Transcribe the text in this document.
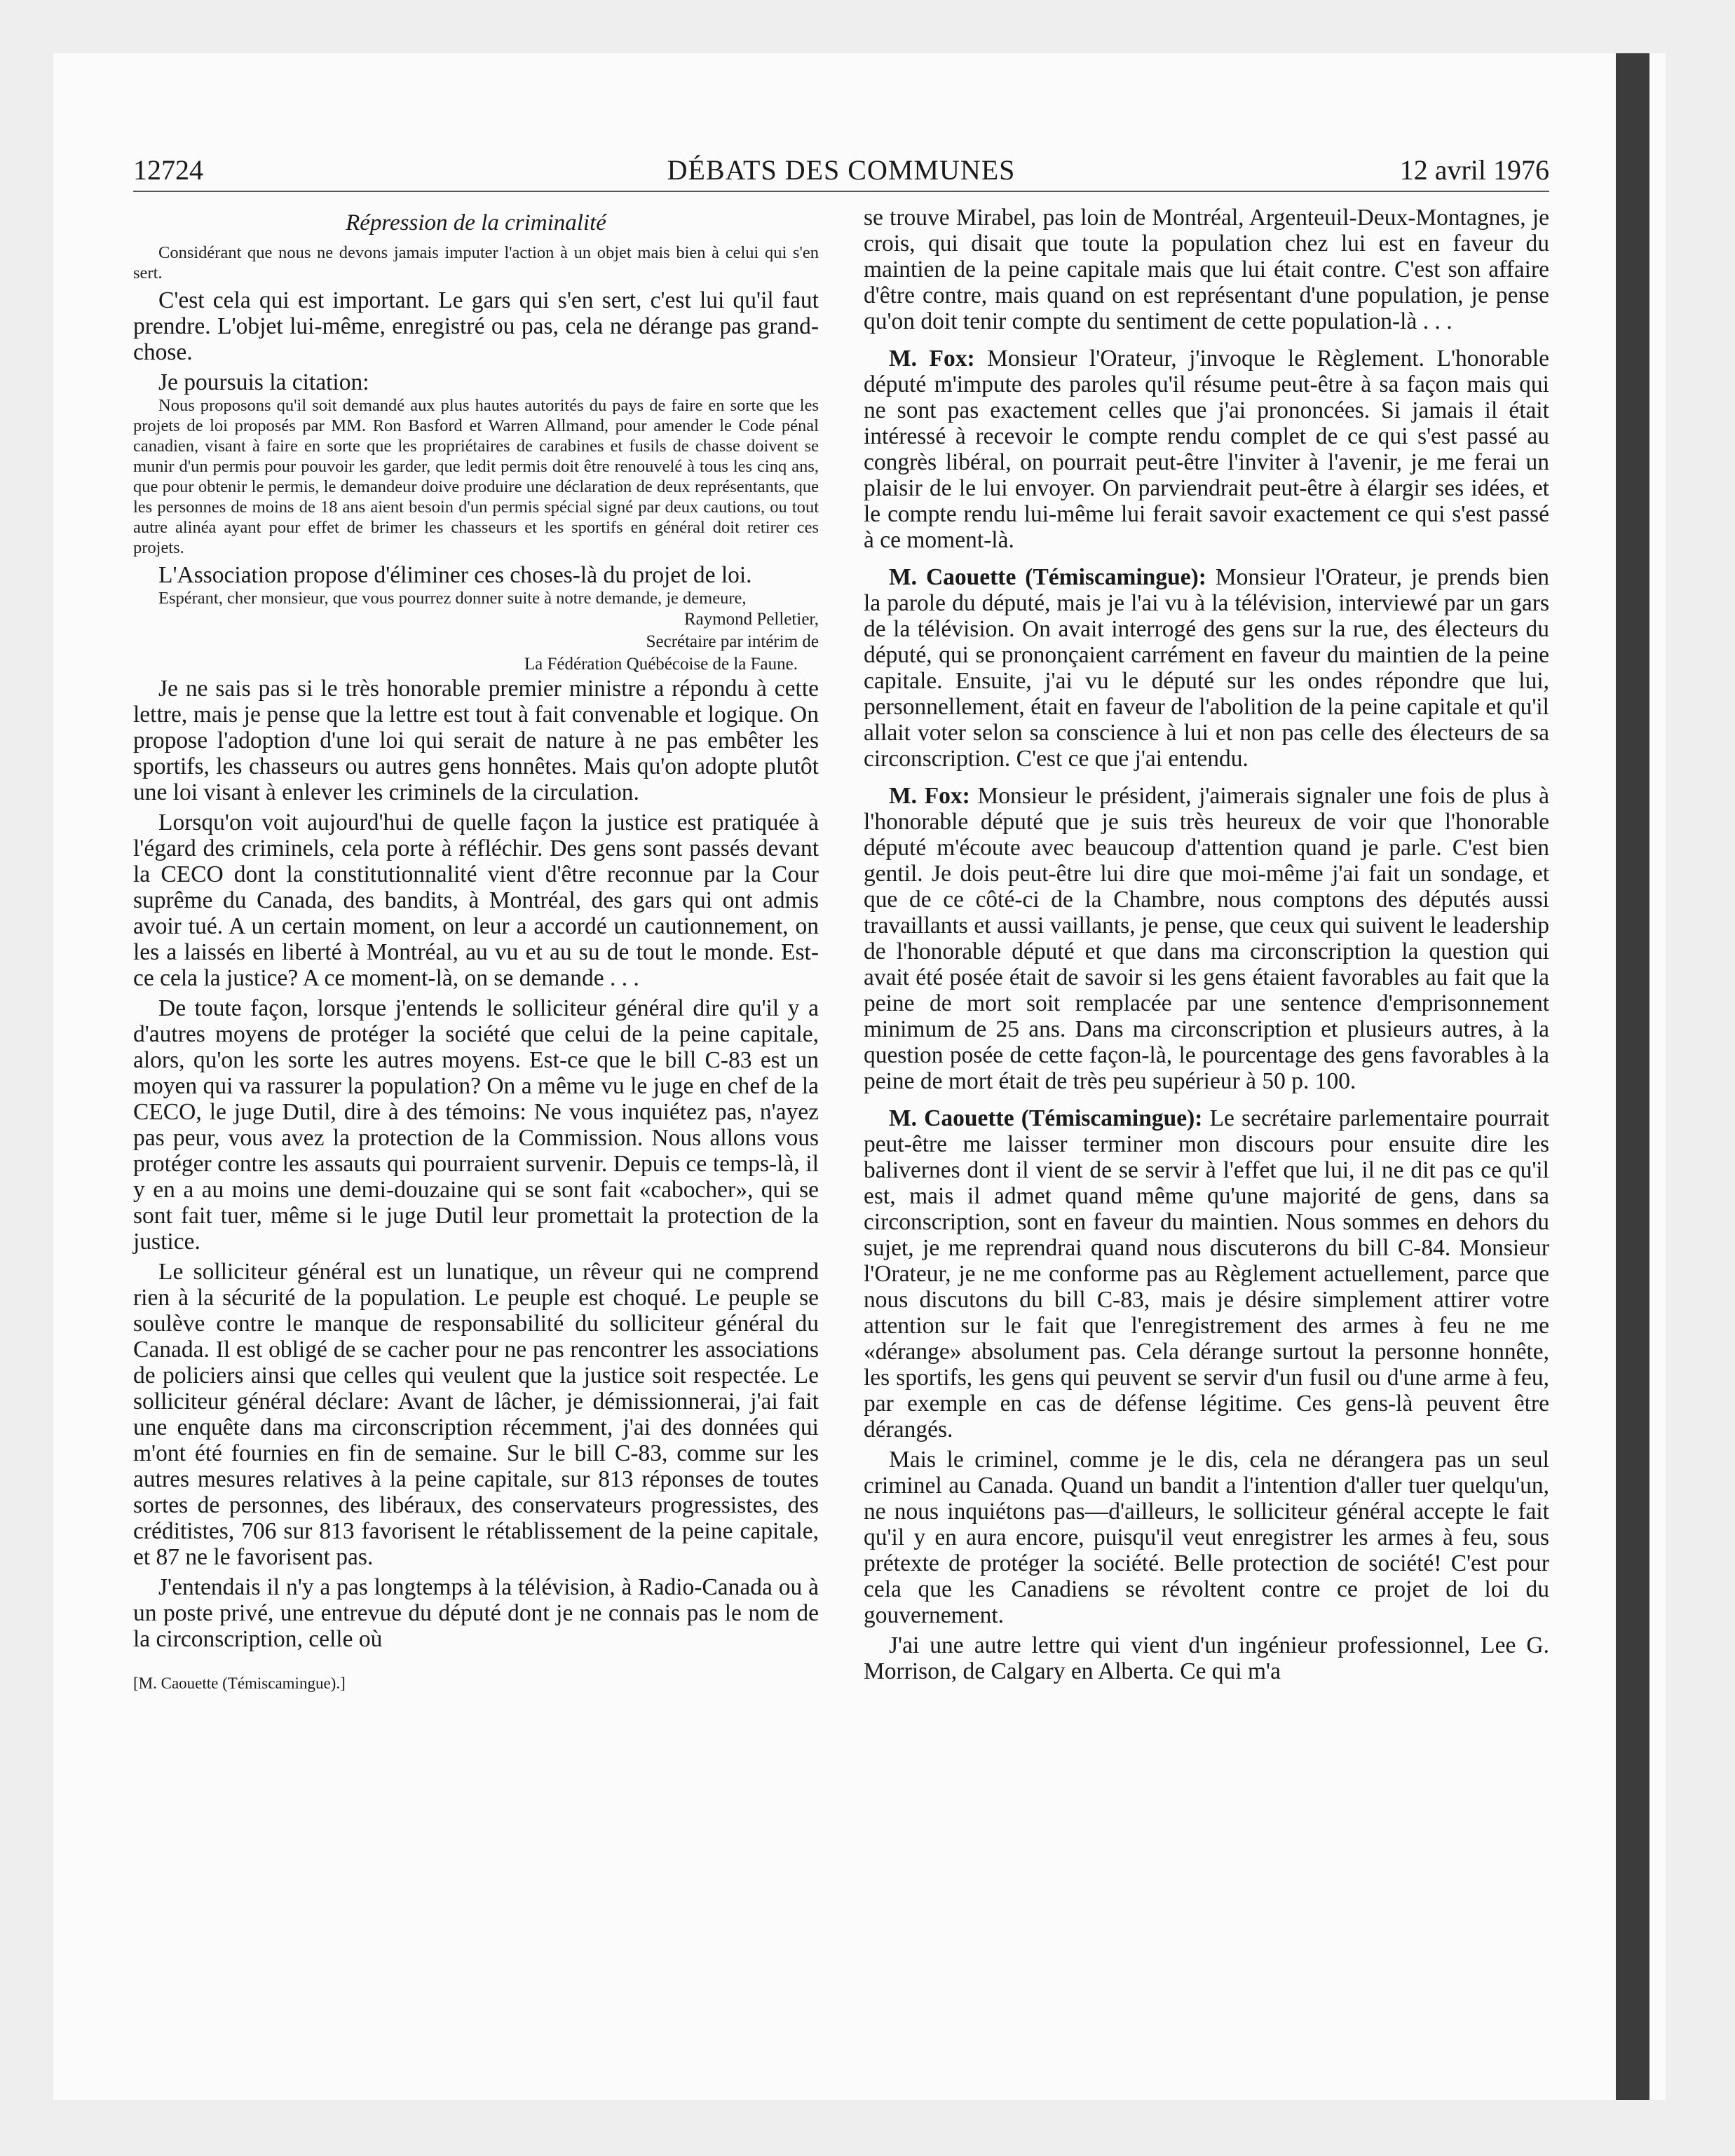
12724	DÉBATS DES COMMUNES	12 avril 1976

Répression de la criminalité

Considérant que nous ne devons jamais imputer l'action à un objet mais bien à celui qui s'en sert.

C'est cela qui est important. Le gars qui s'en sert, c'est lui qu'il faut prendre. L'objet lui-même, enregistré ou pas, cela ne dérange pas grand-chose.

Je poursuis la citation:

Nous proposons qu'il soit demandé aux plus hautes autorités du pays de faire en sorte que les projets de loi proposés par MM. Ron Basford et Warren Allmand, pour amender le Code pénal canadien, visant à faire en sorte que les propriétaires de carabines et fusils de chasse doivent se munir d'un permis pour pouvoir les garder, que ledit permis doit être renouvelé à tous les cinq ans, que pour obtenir le permis, le demandeur doive produire une déclaration de deux représentants, que les personnes de moins de 18 ans aient besoin d'un permis spécial signé par deux cautions, ou tout autre alinéa ayant pour effet de brimer les chasseurs et les sportifs en général doit retirer ces projets.

L'Association propose d'éliminer ces choses-là du projet de loi.

Espérant, cher monsieur, que vous pourrez donner suite à notre demande, je demeure,

Raymond Pelletier,

Secrétaire par intérim de

La Fédération Québécoise de la Faune.

Je ne sais pas si le très honorable premier ministre a répondu à cette lettre, mais je pense que la lettre est tout à fait convenable et logique. On propose l'adoption d'une loi qui serait de nature à ne pas embêter les sportifs, les chasseurs ou autres gens honnêtes. Mais qu'on adopte plutôt une loi visant à enlever les criminels de la circulation.

Lorsqu'on voit aujourd'hui de quelle façon la justice est pratiquée à l'égard des criminels, cela porte à réfléchir. Des gens sont passés devant la CECO dont la constitutionnalité vient d'être reconnue par la Cour suprême du Canada, des bandits, à Montréal, des gars qui ont admis avoir tué. A un certain moment, on leur a accordé un cautionnement, on les a laissés en liberté à Montréal, au vu et au su de tout le monde. Est-ce cela la justice? A ce moment-là, on se demande . . .

De toute façon, lorsque j'entends le solliciteur général dire qu'il y a d'autres moyens de protéger la société que celui de la peine capitale, alors, qu'on les sorte les autres moyens. Est-ce que le bill C-83 est un moyen qui va rassurer la population? On a même vu le juge en chef de la CECO, le juge Dutil, dire à des témoins: Ne vous inquiétez pas, n'ayez pas peur, vous avez la protection de la Commission. Nous allons vous protéger contre les assauts qui pourraient survenir. Depuis ce temps-là, il y en a au moins une demi-douzaine qui se sont fait «cabocher», qui se sont fait tuer, même si le juge Dutil leur promettait la protection de la justice.

Le solliciteur général est un lunatique, un rêveur qui ne comprend rien à la sécurité de la population. Le peuple est choqué. Le peuple se soulève contre le manque de responsabilité du solliciteur général du Canada. Il est obligé de se cacher pour ne pas rencontrer les associations de policiers ainsi que celles qui veulent que la justice soit respectée. Le solliciteur général déclare: Avant de lâcher, je démissionnerai, j'ai fait une enquête dans ma circonscription récemment, j'ai des données qui m'ont été fournies en fin de semaine. Sur le bill C-83, comme sur les autres mesures relatives à la peine capitale, sur 813 réponses de toutes sortes de personnes, des libéraux, des conservateurs progressistes, des créditistes, 706 sur 813 favorisent le rétablissement de la peine capitale, et 87 ne le favorisent pas.

J'entendais il n'y a pas longtemps à la télévision, à Radio-Canada ou à un poste privé, une entrevue du député dont je ne connais pas le nom de la circonscription, celle où

[M. Caouette (Témiscamingue).]

se trouve Mirabel, pas loin de Montréal, Argenteuil-Deux-Montagnes, je crois, qui disait que toute la population chez lui est en faveur du maintien de la peine capitale mais que lui était contre. C'est son affaire d'être contre, mais quand on est représentant d'une population, je pense qu'on doit tenir compte du sentiment de cette population-là . . .

M. Fox: Monsieur l'Orateur, j'invoque le Règlement. L'honorable député m'impute des paroles qu'il résume peut-être à sa façon mais qui ne sont pas exactement celles que j'ai prononcées. Si jamais il était intéressé à recevoir le compte rendu complet de ce qui s'est passé au congrès libéral, on pourrait peut-être l'inviter à l'avenir, je me ferai un plaisir de le lui envoyer. On parviendrait peut-être à élargir ses idées, et le compte rendu lui-même lui ferait savoir exactement ce qui s'est passé à ce moment-là.

M. Caouette (Témiscamingue): Monsieur l'Orateur, je prends bien la parole du député, mais je l'ai vu à la télévision, interviewé par un gars de la télévision. On avait interrogé des gens sur la rue, des électeurs du député, qui se prononçaient carrément en faveur du maintien de la peine capitale. Ensuite, j'ai vu le député sur les ondes répondre que lui, personnellement, était en faveur de l'abolition de la peine capitale et qu'il allait voter selon sa conscience à lui et non pas celle des électeurs de sa circonscription. C'est ce que j'ai entendu.

M. Fox: Monsieur le président, j'aimerais signaler une fois de plus à l'honorable député que je suis très heureux de voir que l'honorable député m'écoute avec beaucoup d'attention quand je parle. C'est bien gentil. Je dois peut-être lui dire que moi-même j'ai fait un sondage, et que de ce côté-ci de la Chambre, nous comptons des députés aussi travaillants et aussi vaillants, je pense, que ceux qui suivent le leadership de l'honorable député et que dans ma circonscription la question qui avait été posée était de savoir si les gens étaient favorables au fait que la peine de mort soit remplacée par une sentence d'emprisonnement minimum de 25 ans. Dans ma circonscription et plusieurs autres, à la question posée de cette façon-là, le pourcentage des gens favorables à la peine de mort était de très peu supérieur à 50 p. 100.

M. Caouette (Témiscamingue): Le secrétaire parlementaire pourrait peut-être me laisser terminer mon discours pour ensuite dire les balivernes dont il vient de se servir à l'effet que lui, il ne dit pas ce qu'il est, mais il admet quand même qu'une majorité de gens, dans sa circonscription, sont en faveur du maintien. Nous sommes en dehors du sujet, je me reprendrai quand nous discuterons du bill C-84. Monsieur l'Orateur, je ne me conforme pas au Règlement actuellement, parce que nous discutons du bill C-83, mais je désire simplement attirer votre attention sur le fait que l'enregistrement des armes à feu ne me «dérange» absolument pas. Cela dérange surtout la personne honnête, les sportifs, les gens qui peuvent se servir d'un fusil ou d'une arme à feu, par exemple en cas de défense légitime. Ces gens-là peuvent être dérangés.

Mais le criminel, comme je le dis, cela ne dérangera pas un seul criminel au Canada. Quand un bandit a l'intention d'aller tuer quelqu'un, ne nous inquiétons pas—d'ailleurs, le solliciteur général accepte le fait qu'il y en aura encore, puisqu'il veut enregistrer les armes à feu, sous prétexte de protéger la société. Belle protection de société! C'est pour cela que les Canadiens se révoltent contre ce projet de loi du gouvernement.

J'ai une autre lettre qui vient d'un ingénieur professionnel, Lee G. Morrison, de Calgary en Alberta. Ce qui m'a
